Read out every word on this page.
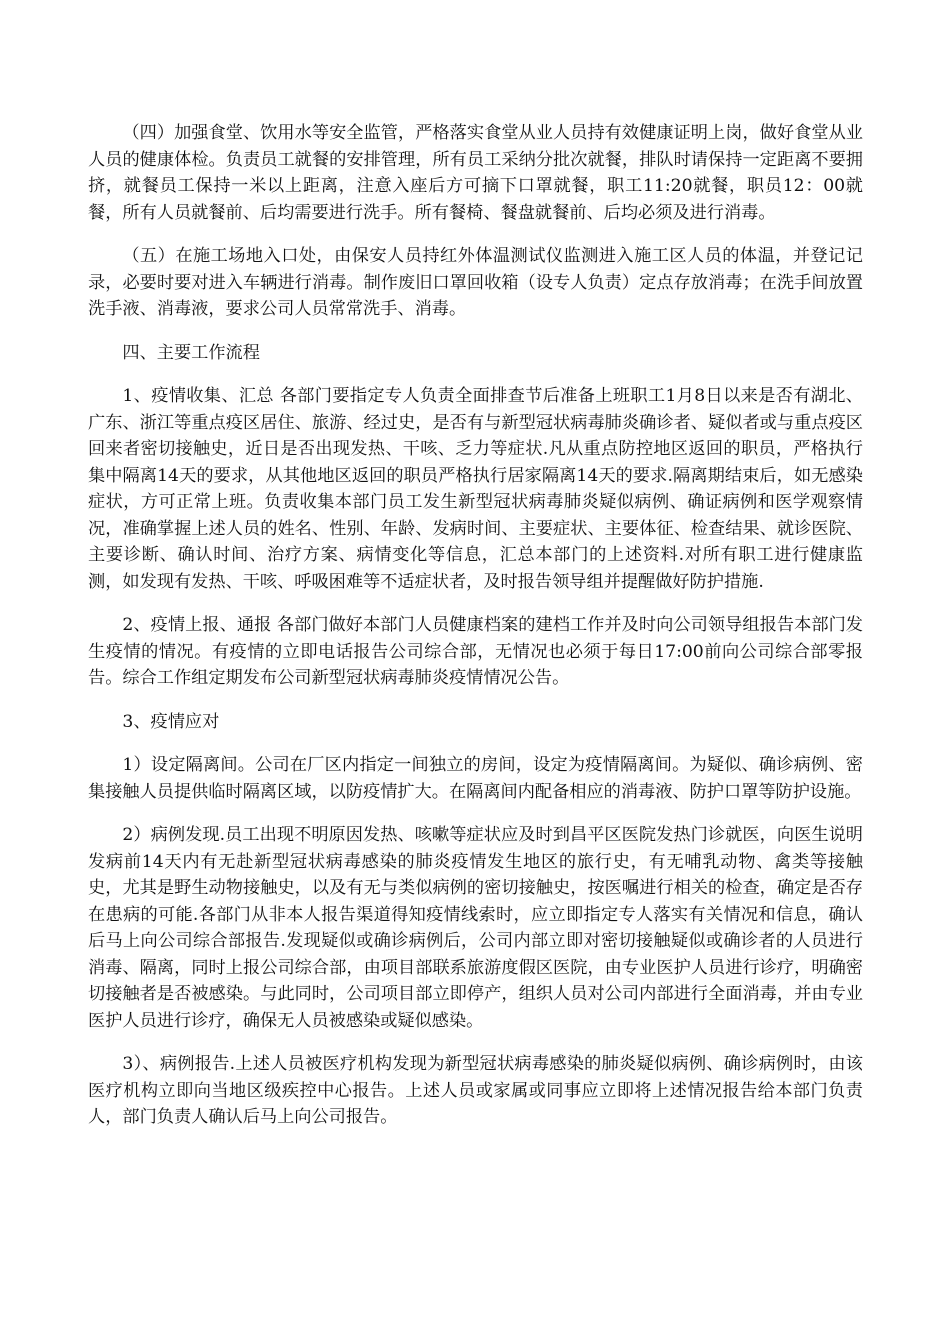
（四）加强食堂、饮用水等安全监管，严格落实食堂从业人员持有效健康证明上岗，做好食堂从业人员的健康体检。负责员工就餐的安排管理，所有员工采纳分批次就餐，排队时请保持一定距离不要拥挤，就餐员工保持一米以上距离，注意入座后方可摘下口罩就餐，职工11:20就餐，职员12：00就餐，所有人员就餐前、后均需要进行洗手。所有餐椅、餐盘就餐前、后均必须及进行消毒。

（五）在施工场地入口处，由保安人员持红外体温测试仪监测进入施工区人员的体温，并登记记录，必要时要对进入车辆进行消毒。制作废旧口罩回收箱（设专人负责）定点存放消毒；在洗手间放置洗手液、消毒液，要求公司人员常常洗手、消毒。

四、主要工作流程

1、疫情收集、汇总 各部门要指定专人负责全面排查节后准备上班职工1月8日以来是否有湖北、广东、浙江等重点疫区居住、旅游、经过史，是否有与新型冠状病毒肺炎确诊者、疑似者或与重点疫区回来者密切接触史，近日是否出现发热、干咳、乏力等症状.凡从重点防控地区返回的职员，严格执行集中隔离14天的要求，从其他地区返回的职员严格执行居家隔离14天的要求.隔离期结束后，如无感染症状，方可正常上班。负责收集本部门员工发生新型冠状病毒肺炎疑似病例、确证病例和医学观察情况，准确掌握上述人员的姓名、性别、年龄、发病时间、主要症状、主要体征、检查结果、就诊医院、主要诊断、确认时间、治疗方案、病情变化等信息，汇总本部门的上述资料.对所有职工进行健康监测，如发现有发热、干咳、呼吸困难等不适症状者，及时报告领导组并提醒做好防护措施.

2、疫情上报、通报 各部门做好本部门人员健康档案的建档工作并及时向公司领导组报告本部门发生疫情的情况。有疫情的立即电话报告公司综合部，无情况也必须于每日17:00前向公司综合部零报告。综合工作组定期发布公司新型冠状病毒肺炎疫情情况公告。

3、疫情应对

1）设定隔离间。公司在厂区内指定一间独立的房间，设定为疫情隔离间。为疑似、确诊病例、密集接触人员提供临时隔离区域，以防疫情扩大。在隔离间内配备相应的消毒液、防护口罩等防护设施。

2）病例发现.员工出现不明原因发热、咳嗽等症状应及时到昌平区医院发热门诊就医，向医生说明发病前14天内有无赴新型冠状病毒感染的肺炎疫情发生地区的旅行史，有无哺乳动物、禽类等接触史，尤其是野生动物接触史，以及有无与类似病例的密切接触史，按医嘱进行相关的检查，确定是否存在患病的可能.各部门从非本人报告渠道得知疫情线索时，应立即指定专人落实有关情况和信息，确认后马上向公司综合部报告.发现疑似或确诊病例后，公司内部立即对密切接触疑似或确诊者的人员进行消毒、隔离，同时上报公司综合部，由项目部联系旅游度假区医院，由专业医护人员进行诊疗，明确密切接触者是否被感染。与此同时，公司项目部立即停产，组织人员对公司内部进行全面消毒，并由专业医护人员进行诊疗，确保无人员被感染或疑似感染。

3）、病例报告.上述人员被医疗机构发现为新型冠状病毒感染的肺炎疑似病例、确诊病例时，由该医疗机构立即向当地区级疾控中心报告。上述人员或家属或同事应立即将上述情况报告给本部门负责人，部门负责人确认后马上向公司报告。
